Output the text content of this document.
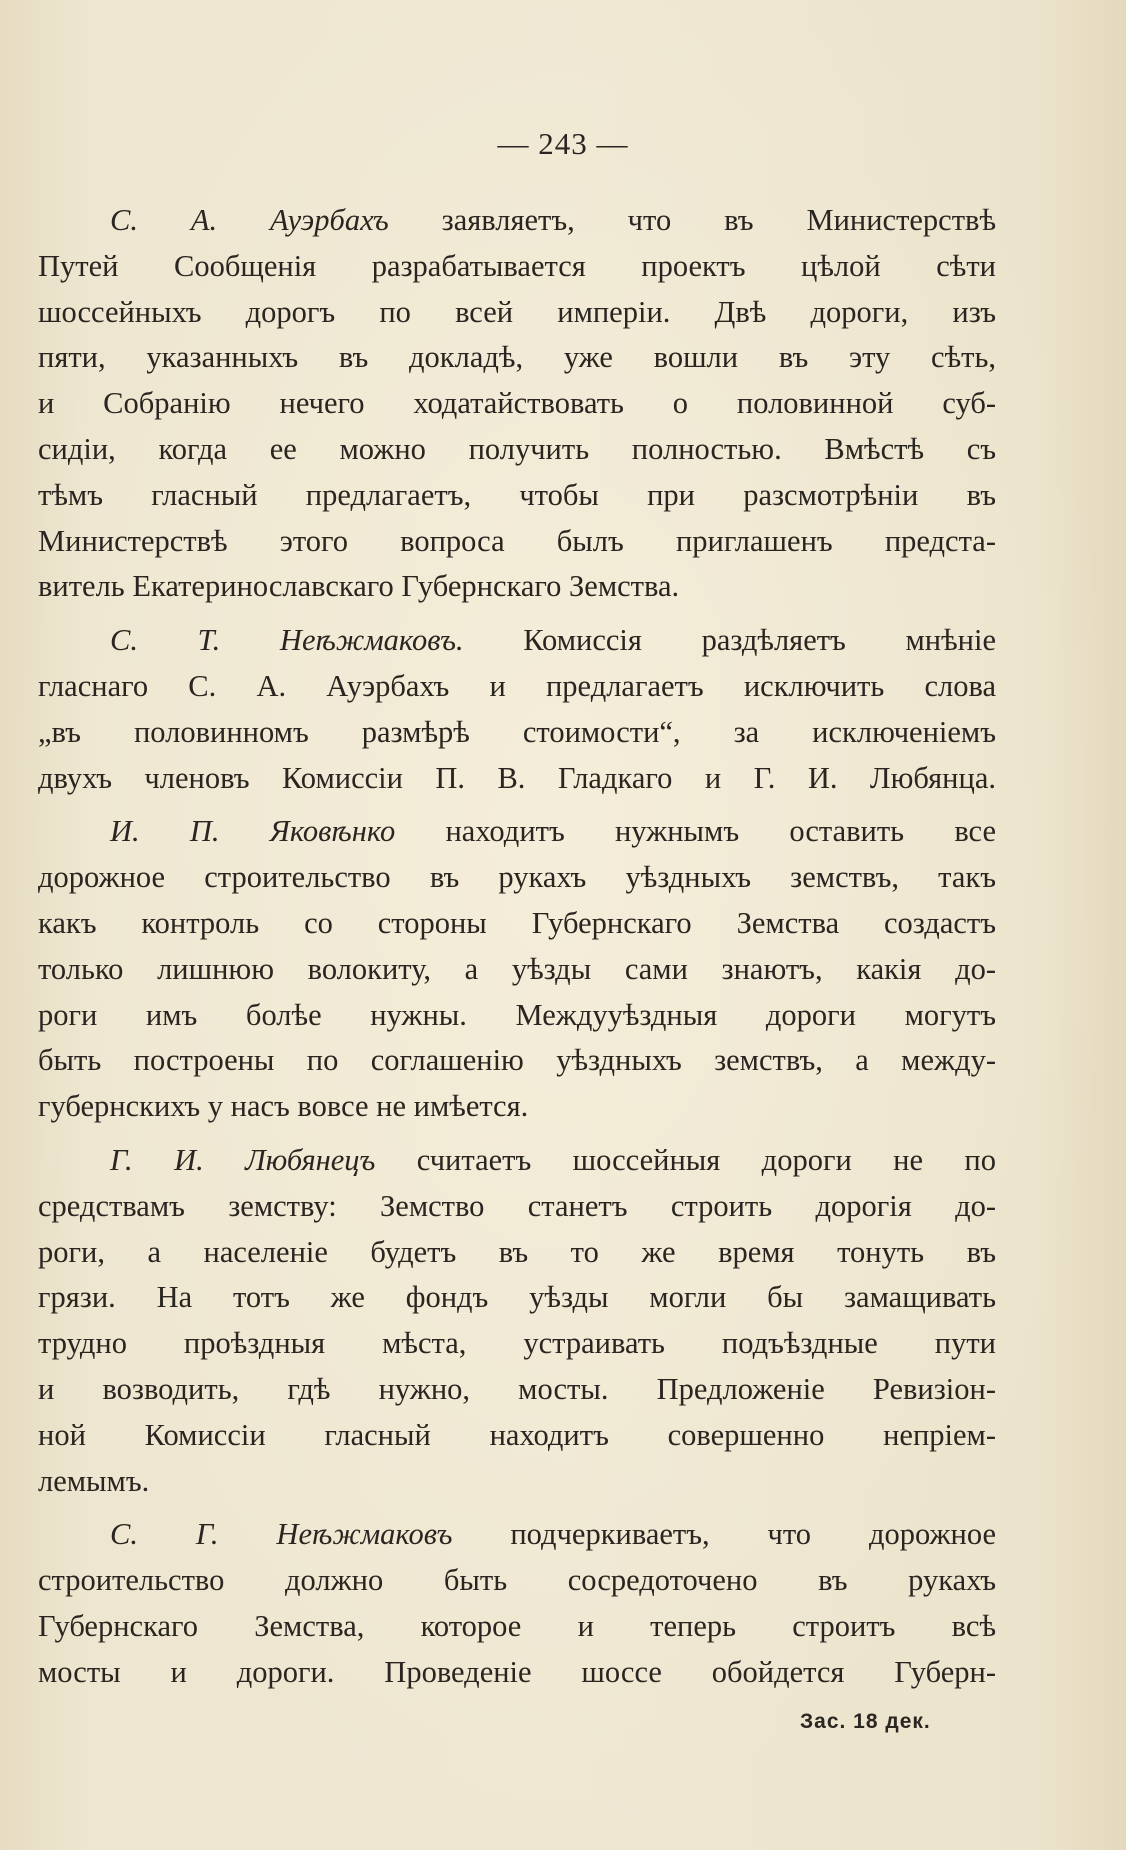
— 243 —
С. А. Ауэрбахъ заявляетъ, что въ Министерствѣ
Путей Сообщенія разрабатывается проектъ цѣлой сѣти
шоссейныхъ дорогъ по всей имперіи. Двѣ дороги, изъ
пяти, указанныхъ въ докладѣ, уже вошли въ эту сѣть,
и Собранію нечего ходатайствовать о половинной суб-
сидіи, когда ее можно получить полностью. Вмѣстѣ съ
тѣмъ гласный предлагаетъ, чтобы при разсмотрѣніи въ
Министерствѣ этого вопроса былъ приглашенъ предста-
витель Екатеринославскаго Губернскаго Земства.
С. Т. Неѣжмаковъ. Комиссія раздѣляетъ мнѣніе
гласнаго С. А. Ауэрбахъ и предлагаетъ исключить слова
„въ половинномъ размѣрѣ стоимости“, за исключеніемъ
двухъ членовъ Комиссіи П. В. Гладкаго и Г. И. Любянца.
И. П. Яковѣнко находитъ нужнымъ оставить все
дорожное строительство въ рукахъ уѣздныхъ земствъ, такъ
какъ контроль со стороны Губернскаго Земства создастъ
только лишнюю волокиту, а уѣзды сами знаютъ, какія до-
роги имъ болѣе нужны. Междууѣздныя дороги могутъ
быть построены по соглашенію уѣздныхъ земствъ, а между-
губернскихъ у насъ вовсе не имѣется.
Г. И. Любянецъ считаетъ шоссейныя дороги не по
средствамъ земству: Земство станетъ строить дорогія до-
роги, а населеніе будетъ въ то же время тонуть въ
грязи. На тотъ же фондъ уѣзды могли бы замащивать
трудно проѣздныя мѣста, устраивать подъѣздные пути
и возводить, гдѣ нужно, мосты. Предложеніе Ревизіон-
ной Комиссіи гласный находитъ совершенно непріем-
лемымъ.
С. Г. Неѣжмаковъ подчеркиваетъ, что дорожное
строительство должно быть сосредоточено въ рукахъ
Губернскаго Земства, которое и теперь строитъ всѣ
мосты и дороги. Проведеніе шоссе обойдется Губерн-
Зас. 18 дек.
